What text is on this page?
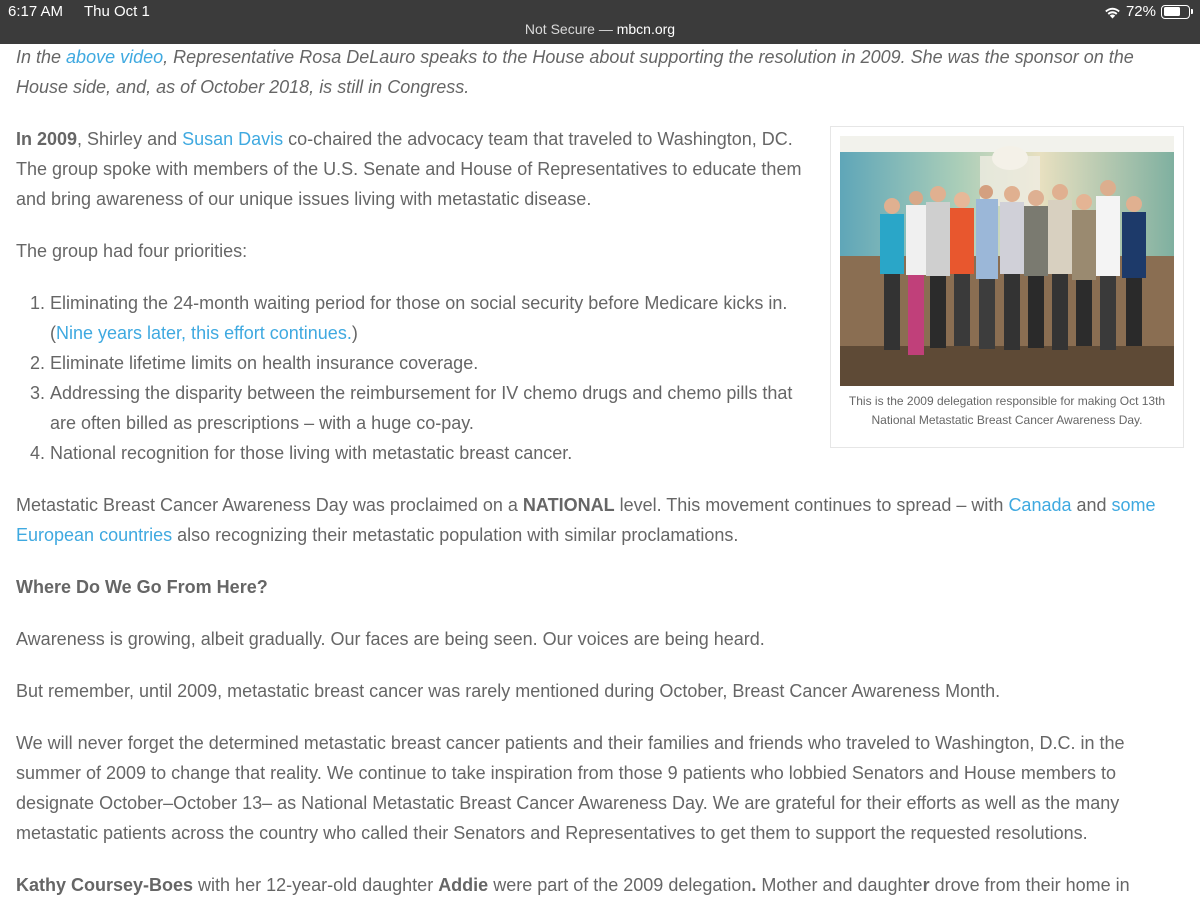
6:17 AM Thu Oct 1	72%
Not Secure — mbcn.org
In the above video, Representative Rosa DeLauro speaks to the House about supporting the resolution in 2009. She was the sponsor on the House side, and, as of October 2018, is still in Congress.

In 2009, Shirley and Susan Davis co-chaired the advocacy team that traveled to Washington, DC. The group spoke with members of the U.S. Senate and House of Representatives to educate them and bring awareness of our unique issues living with metastatic disease.

The group had four priorities:

1. Eliminating the 24-month waiting period for those on social security before Medicare kicks in. (Nine years later, this effort continues.)
2. Eliminate lifetime limits on health insurance coverage.
3. Addressing the disparity between the reimbursement for IV chemo drugs and chemo pills that are often billed as prescriptions – with a huge co-pay.
4. National recognition for those living with metastatic breast cancer.

Metastatic Breast Cancer Awareness Day was proclaimed on a NATIONAL level. This movement continues to spread – with Canada and some European countries also recognizing their metastatic population with similar proclamations.

Where Do We Go From Here?

Awareness is growing, albeit gradually. Our faces are being seen. Our voices are being heard.

But remember, until 2009, metastatic breast cancer was rarely mentioned during October, Breast Cancer Awareness Month.

We will never forget the determined metastatic breast cancer patients and their families and friends who traveled to Washington, D.C. in the summer of 2009 to change that reality. We continue to take inspiration from those 9 patients who lobbied Senators and House members to designate October–October 13– as National Metastatic Breast Cancer Awareness Day. We are grateful for their efforts as well as the many metastatic patients across the country who called their Senators and Representatives to get them to support the requested resolutions.

Kathy Coursey-Boes with her 12-year-old daughter Addie were part of the 2009 delegation. Mother and daughter drove from their home in

This is the 2009 delegation responsible for making Oct 13th National Metastatic Breast Cancer Awareness Day.
